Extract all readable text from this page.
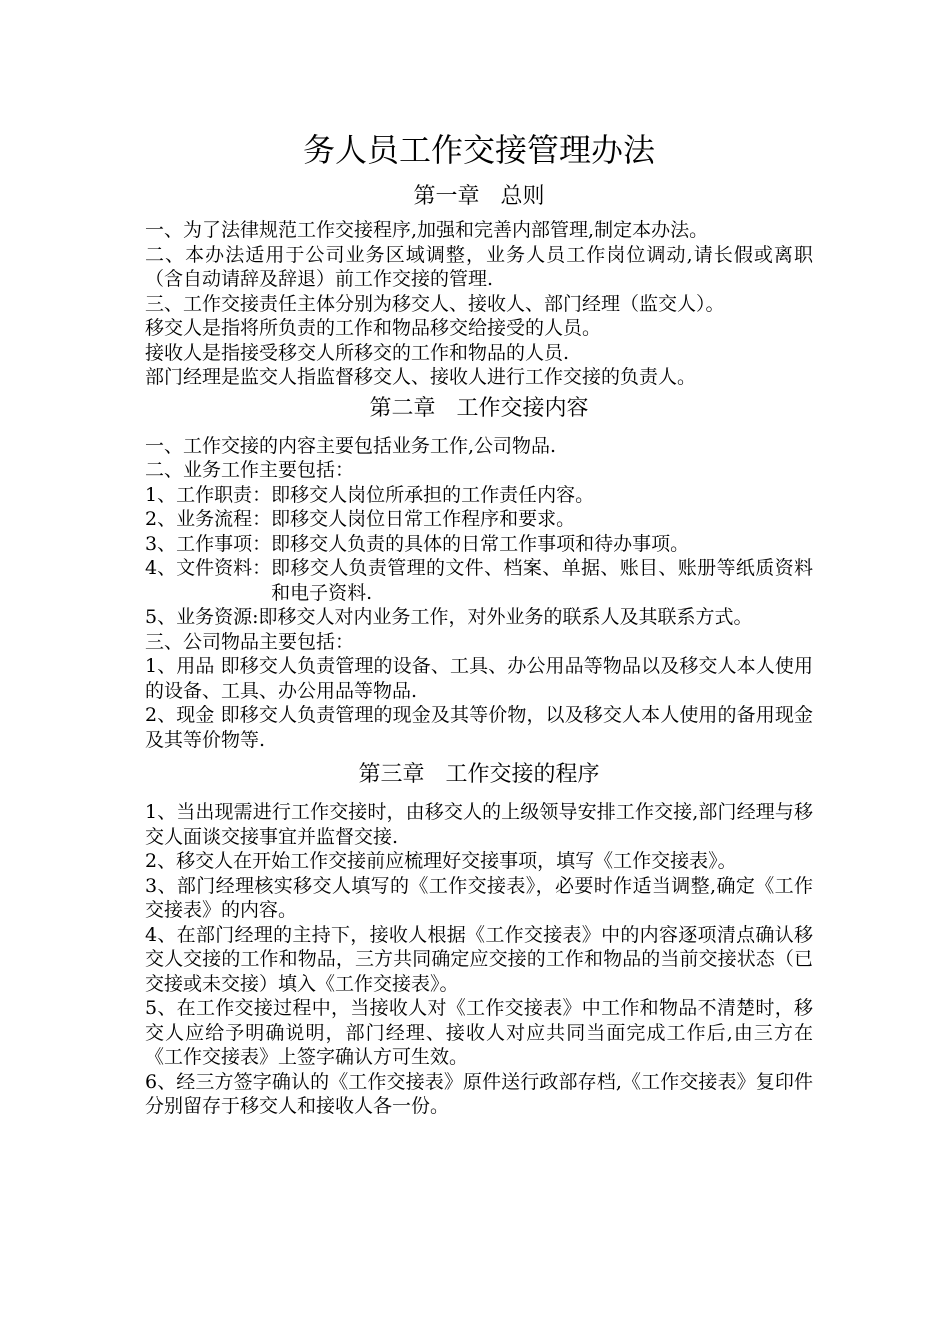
务人员工作交接管理办法
第一章   总则

一、为了法律规范工作交接程序,加强和完善内部管理,制定本办法。

二、本办法适用于公司业务区域调整，业务人员工作岗位调动,请长假或离职（含自动请辞及辞退）前工作交接的管理.

三、工作交接责任主体分别为移交人、接收人、部门经理（监交人）。

移交人是指将所负责的工作和物品移交给接受的人员。

接收人是指接受移交人所移交的工作和物品的人员.

部门经理是监交人指监督移交人、接收人进行工作交接的负责人。

第二章   工作交接内容

一、工作交接的内容主要包括业务工作,公司物品.

二、业务工作主要包括：

1、工作职责： 即移交人岗位所承担的工作责任内容。
2、业务流程： 即移交人岗位日常工作程序和要求。
3、工作事项： 即移交人负责的具体的日常工作事项和待办事项。
4、文件资料： 即移交人负责管理的文件、档案、单据、账目、账册等纸质资料和电子资料.
5、 业务资源:即移交人对内业务工作，对外业务的联系人及其联系方式。

三、公司物品主要包括：

1、用品 即移交人负责管理的设备、工具、办公用品等物品以及移交人本人使用的设备、工具、办公用品等物品.

2、现金 即移交人负责管理的现金及其等价物，以及移交人本人使用的备用现金及其等价物等.

第三章   工作交接的程序

1、当出现需进行工作交接时，由移交人的上级领导安排工作交接,部门经理与移交人面谈交接事宜并监督交接.

2、移交人在开始工作交接前应梳理好交接事项，填写《工作交接表》。

3、部门经理核实移交人填写的《工作交接表》，必要时作适当调整,确定《工作交接表》的内容。

4、在部门经理的主持下，接收人根据《工作交接表》中的内容逐项清点确认移交人交接的工作和物品，三方共同确定应交接的工作和物品的当前交接状态（已交接或未交接）填入《工作交接表》。

5、在工作交接过程中，当接收人对《工作交接表》中工作和物品不清楚时，移交人应给予明确说明，部门经理、接收人对应共同当面完成工作后,由三方在《工作交接表》上签字确认方可生效。

6、经三方签字确认的《工作交接表》原件送行政部存档,《工作交接表》复印件分别留存于移交人和接收人各一份。
